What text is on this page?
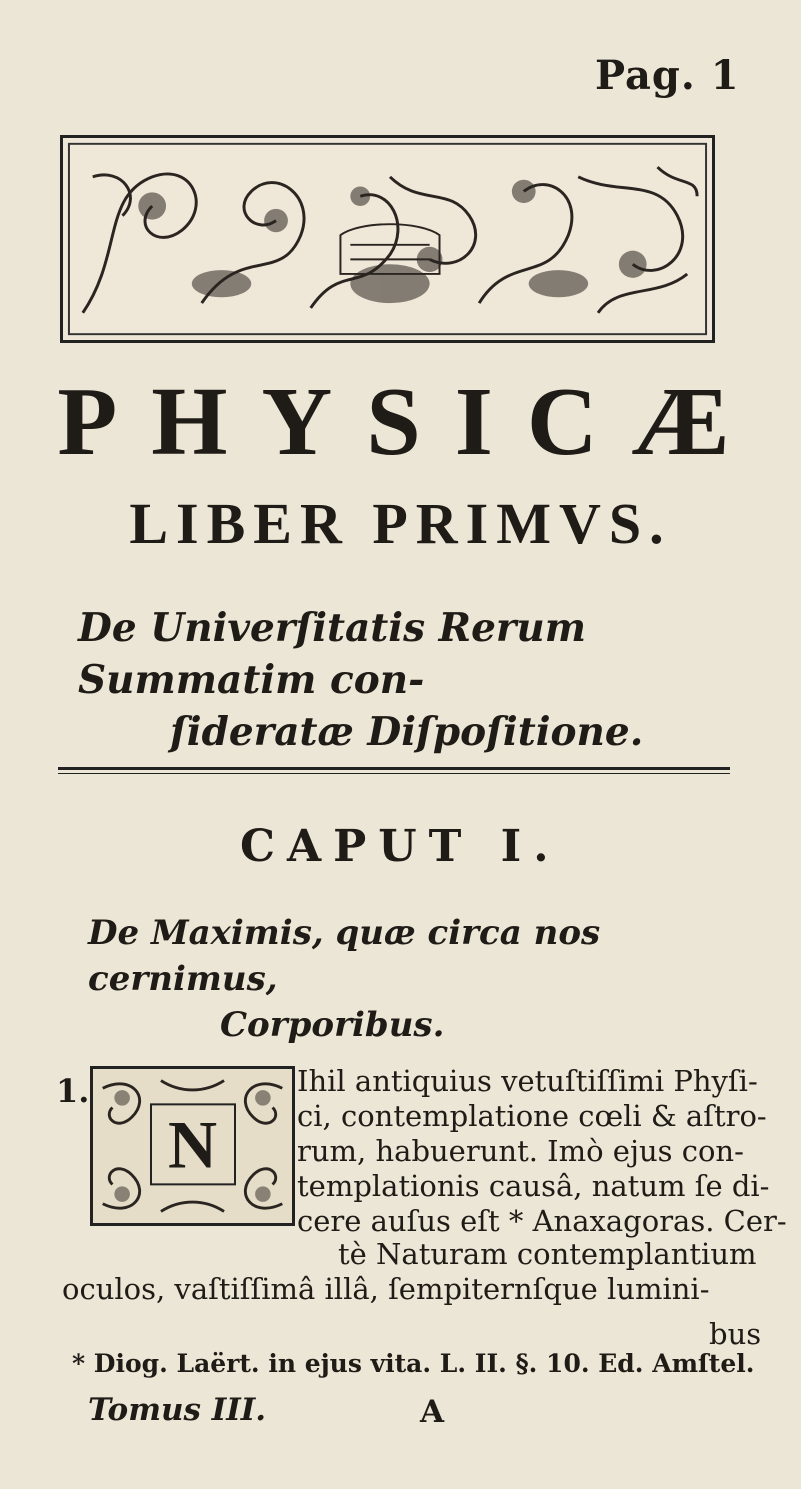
Pag. 1
PHYSICÆ
LIBER PRIMVS.
De Univerſitatis Rerum Summatim con-
ſideratæ Diſpoſitione.
CAPUT I.
De Maximis, quæ circa nos cernimus,
Corporibus.
1.
N
Ihil antiquius vetuſtiſſimi Phyſi-
ci, contemplatione cœli & aſtro-
rum, habuerunt. Imò ejus con-
templationis causâ, natum ſe di-
cere auſus eſt * Anaxagoras. Cer-
tè Naturam contemplantium
oculos, vaſtiſſimâ illâ, ſempiternſque lumini-
bus
* Diog. Laërt. in ejus vita. L. II. §. 10. Ed. Amſtel.
Tomus III.	A
